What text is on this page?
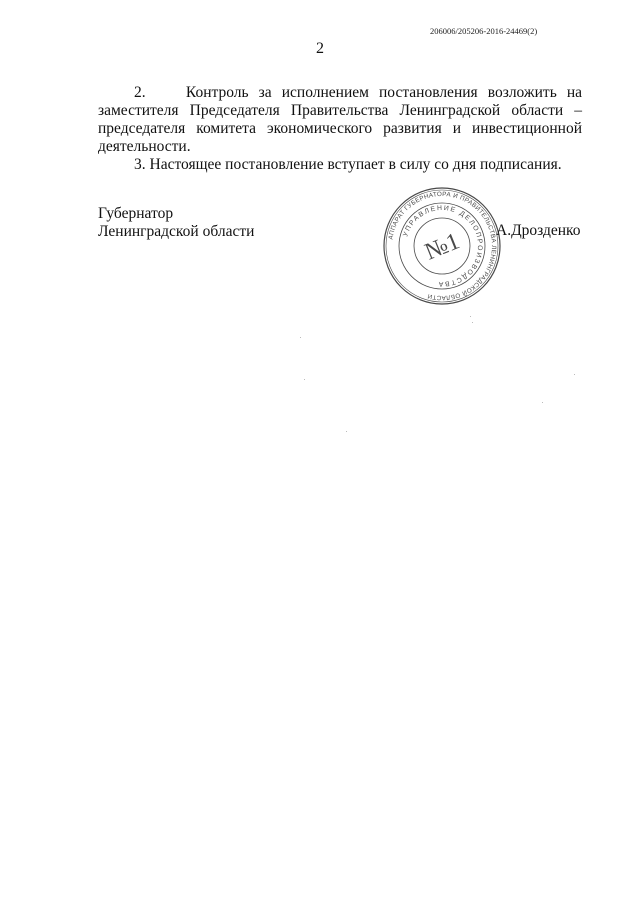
206006/205206-2016-24469(2)
2

2.	Контроль за исполнением постановления возложить на заместителя Председателя Правительства Ленинградской области – председателя комитета экономического развития и инвестиционной деятельности.

3. Настоящее постановление вступает в силу со дня подписания.

Губернатор
Ленинградской области	АППАРАТ ГУБЕРНАТОРА И ПРАВИТЕЛЬСТВА ЛЕНИНГРАДСКОЙ ОБЛАСТИ
УПРАВЛЕНИЕ ДЕЛОПРОИЗВОДСТВА
№1 А.Дрозденко
